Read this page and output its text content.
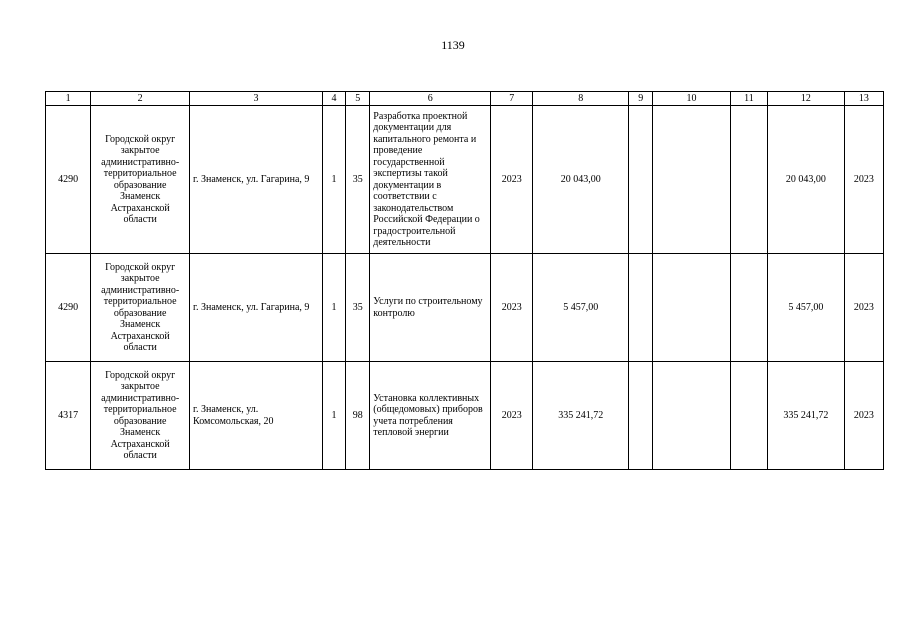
1139
1	2	3	4	5	6	7	8	9	10	11	12	13
4290	Городской округ закрытое административно-территориальное образование Знаменск Астраханской области	г. Знаменск, ул. Гагарина, 9	1	35	Разработка проектной документации для капитального ремонта и проведение государственной экспертизы такой документации в соответствии с законодательством Российской Федерации о градостроительной деятельности	2023	20 043,00				20 043,00	2023
4290	Городской округ закрытое административно-территориальное образование Знаменск Астраханской области	г. Знаменск, ул. Гагарина, 9	1	35	Услуги по строительному контролю	2023	5 457,00				5 457,00	2023
4317	Городской округ закрытое административно-территориальное образование Знаменск Астраханской области	г. Знаменск, ул. Комсомольская, 20	1	98	Установка коллективных (общедомовых) приборов учета потребления тепловой энергии	2023	335 241,72				335 241,72	2023
